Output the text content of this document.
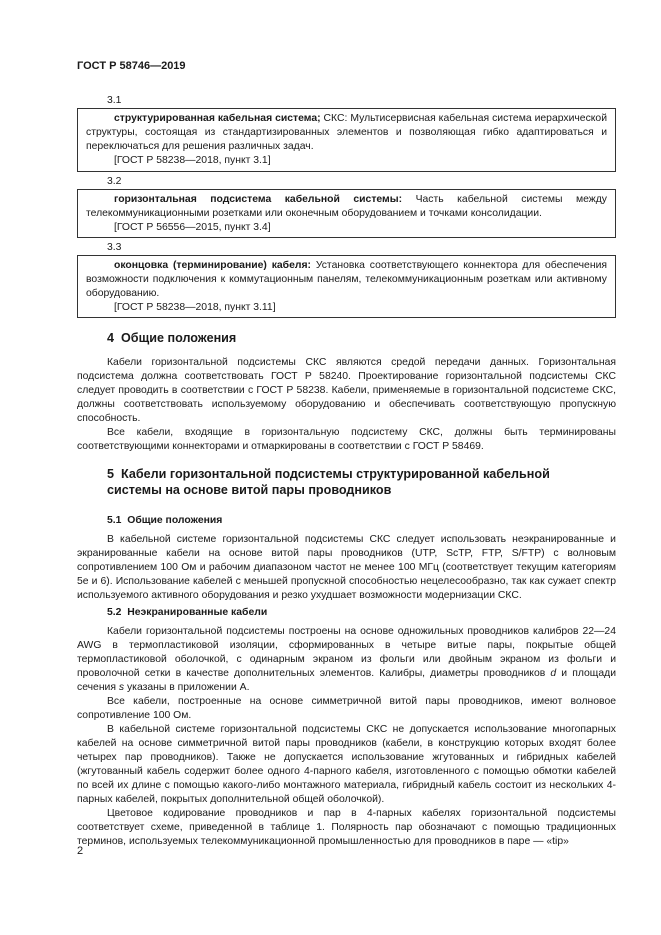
ГОСТ Р 58746—2019
3.1

структурированная кабельная система; СКС: Мультисервисная кабельная система иерархической структуры, состоящая из стандартизированных элементов и позволяющая гибко адаптироваться и переключаться для решения различных задач.

[ГОСТ Р 58238—2018, пункт 3.1]

3.2

горизонтальная подсистема кабельной системы: Часть кабельной системы между телекоммуникационными розетками или оконечным оборудованием и точками консолидации.

[ГОСТ Р 56556—2015, пункт 3.4]

3.3

оконцовка (терминирование) кабеля: Установка соответствующего коннектора для обеспечения возможности подключения к коммутационным панелям, телекоммуникационным розеткам или активному оборудованию.

[ГОСТ Р 58238—2018, пункт 3.11]

4 Общие положения

Кабели горизонтальной подсистемы СКС являются средой передачи данных. Горизонтальная подсистема должна соответствовать ГОСТ Р 58240. Проектирование горизонтальной подсистемы СКС следует проводить в соответствии с ГОСТ Р 58238. Кабели, применяемые в горизонтальной подсистеме СКС, должны соответствовать используемому оборудованию и обеспечивать соответствующую пропускную способность.

Все кабели, входящие в горизонтальную подсистему СКС, должны быть терминированы соответствующими коннекторами и отмаркированы в соответствии с ГОСТ Р 58469.

5 Кабели горизонтальной подсистемы структурированной кабельной
системы на основе витой пары проводников
5.1 Общие положения

В кабельной системе горизонтальной подсистемы СКС следует использовать неэкранированные и экранированные кабели на основе витой пары проводников (UTP, ScTP, FTP, S/FTP) с волновым сопротивлением 100 Ом и рабочим диапазоном частот не менее 100 МГц (соответствует текущим категориям 5е и 6). Использование кабелей с меньшей пропускной способностью нецелесообразно, так как сужает спектр используемого активного оборудования и резко ухудшает возможности модернизации СКС.

5.2 Неэкранированные кабели

Кабели горизонтальной подсистемы построены на основе одножильных проводников калибров 22—24 AWG в термопластиковой изоляции, сформированных в четыре витые пары, покрытые общей термопластиковой оболочкой, с одинарным экраном из фольги или двойным экраном из фольги и проволочной сетки в качестве дополнительных элементов. Калибры, диаметры проводников d и площади сечения s указаны в приложении А.

Все кабели, построенные на основе симметричной витой пары проводников, имеют волновое сопротивление 100 Ом.

В кабельной системе горизонтальной подсистемы СКС не допускается использование многопарных кабелей на основе симметричной витой пары проводников (кабели, в конструкцию которых входят более четырех пар проводников). Также не допускается использование жгутованных и гибридных кабелей (жгутованный кабель содержит более одного 4-парного кабеля, изготовленного с помощью обмотки кабелей по всей их длине с помощью какого-либо монтажного материала, гибридный кабель состоит из нескольких 4-парных кабелей, покрытых дополнительной общей оболочкой).

Цветовое кодирование проводников и пар в 4-парных кабелях горизонтальной подсистемы соответствует схеме, приведенной в таблице 1. Полярность пар обозначают с помощью традиционных терминов, используемых телекоммуникационной промышленностью для проводников в паре — «tip»

2
